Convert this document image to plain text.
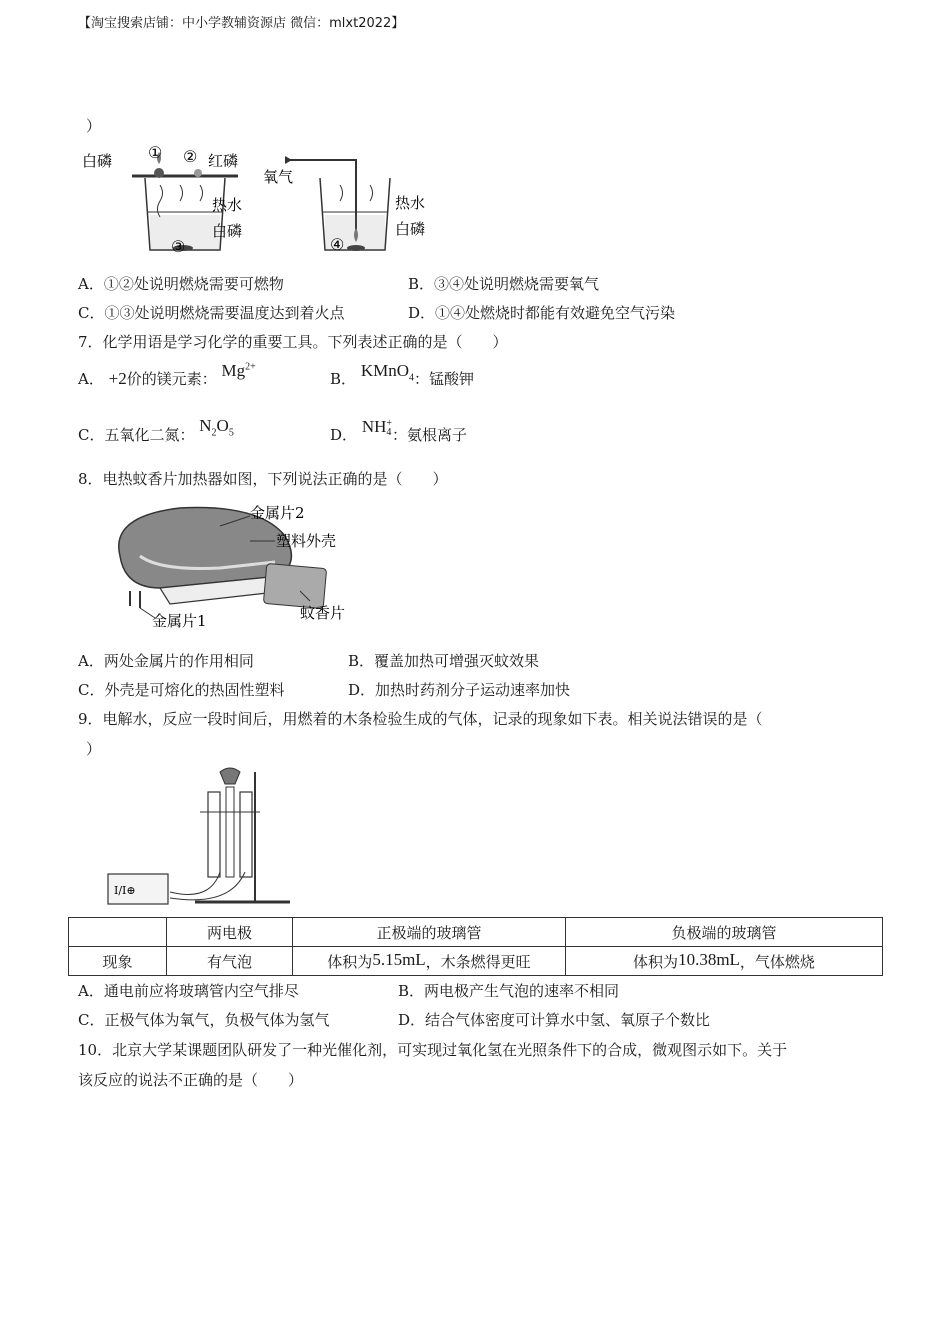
【淘宝搜索店铺：中小学教辅资源店 微信：mlxt2022】
）
白磷 ① ② 红磷
热水
白磷
③
氧气
热水
白磷
④
A．①②处说明燃烧需要可燃物	B．③④处说明燃烧需要氧气
C．①③处说明燃烧需要温度达到着火点	D．①④处燃烧时都能有效避免空气污染
7．化学用语是学习化学的重要工具。下列表述正确的是（　　）
A． +2价的镁元素： $Mg^{2+}$
B． KMnO$_4$：锰酸钾
C．五氧化二氮： $N_2O_5$	D． NH +
4 ：氨根离子
8．电热蚊香片加热器如图，下列说法正确的是（　　）
金属片2
塑料外壳
蚊香片
金属片1
A．两处金属片的作用相同	B．覆盖加热可增强灭蚊效果
C．外壳是可熔化的热固性塑料	D．加热时药剂分子运动速率加快
9．电解水，反应一段时间后，用燃着的木条检验生成的气体，记录的现象如下表。相关说法错误的是（
）
I/I⊕
	两电极	正极端的玻璃管	负极端的玻璃管
现象	有气泡	体积为5.15mL，木条燃得更旺	体积为10.38mL，气体燃烧
A．通电前应将玻璃管内空气排尽	B．两电极产生气泡的速率不相同
C．正极气体为氧气，负极气体为氢气	D．结合气体密度可计算水中氢、氧原子个数比
10．北京大学某课题团队研发了一种光催化剂，可实现过氧化氢在光照条件下的合成，微观图示如下。关于
该反应的说法不正确的是（　　）
